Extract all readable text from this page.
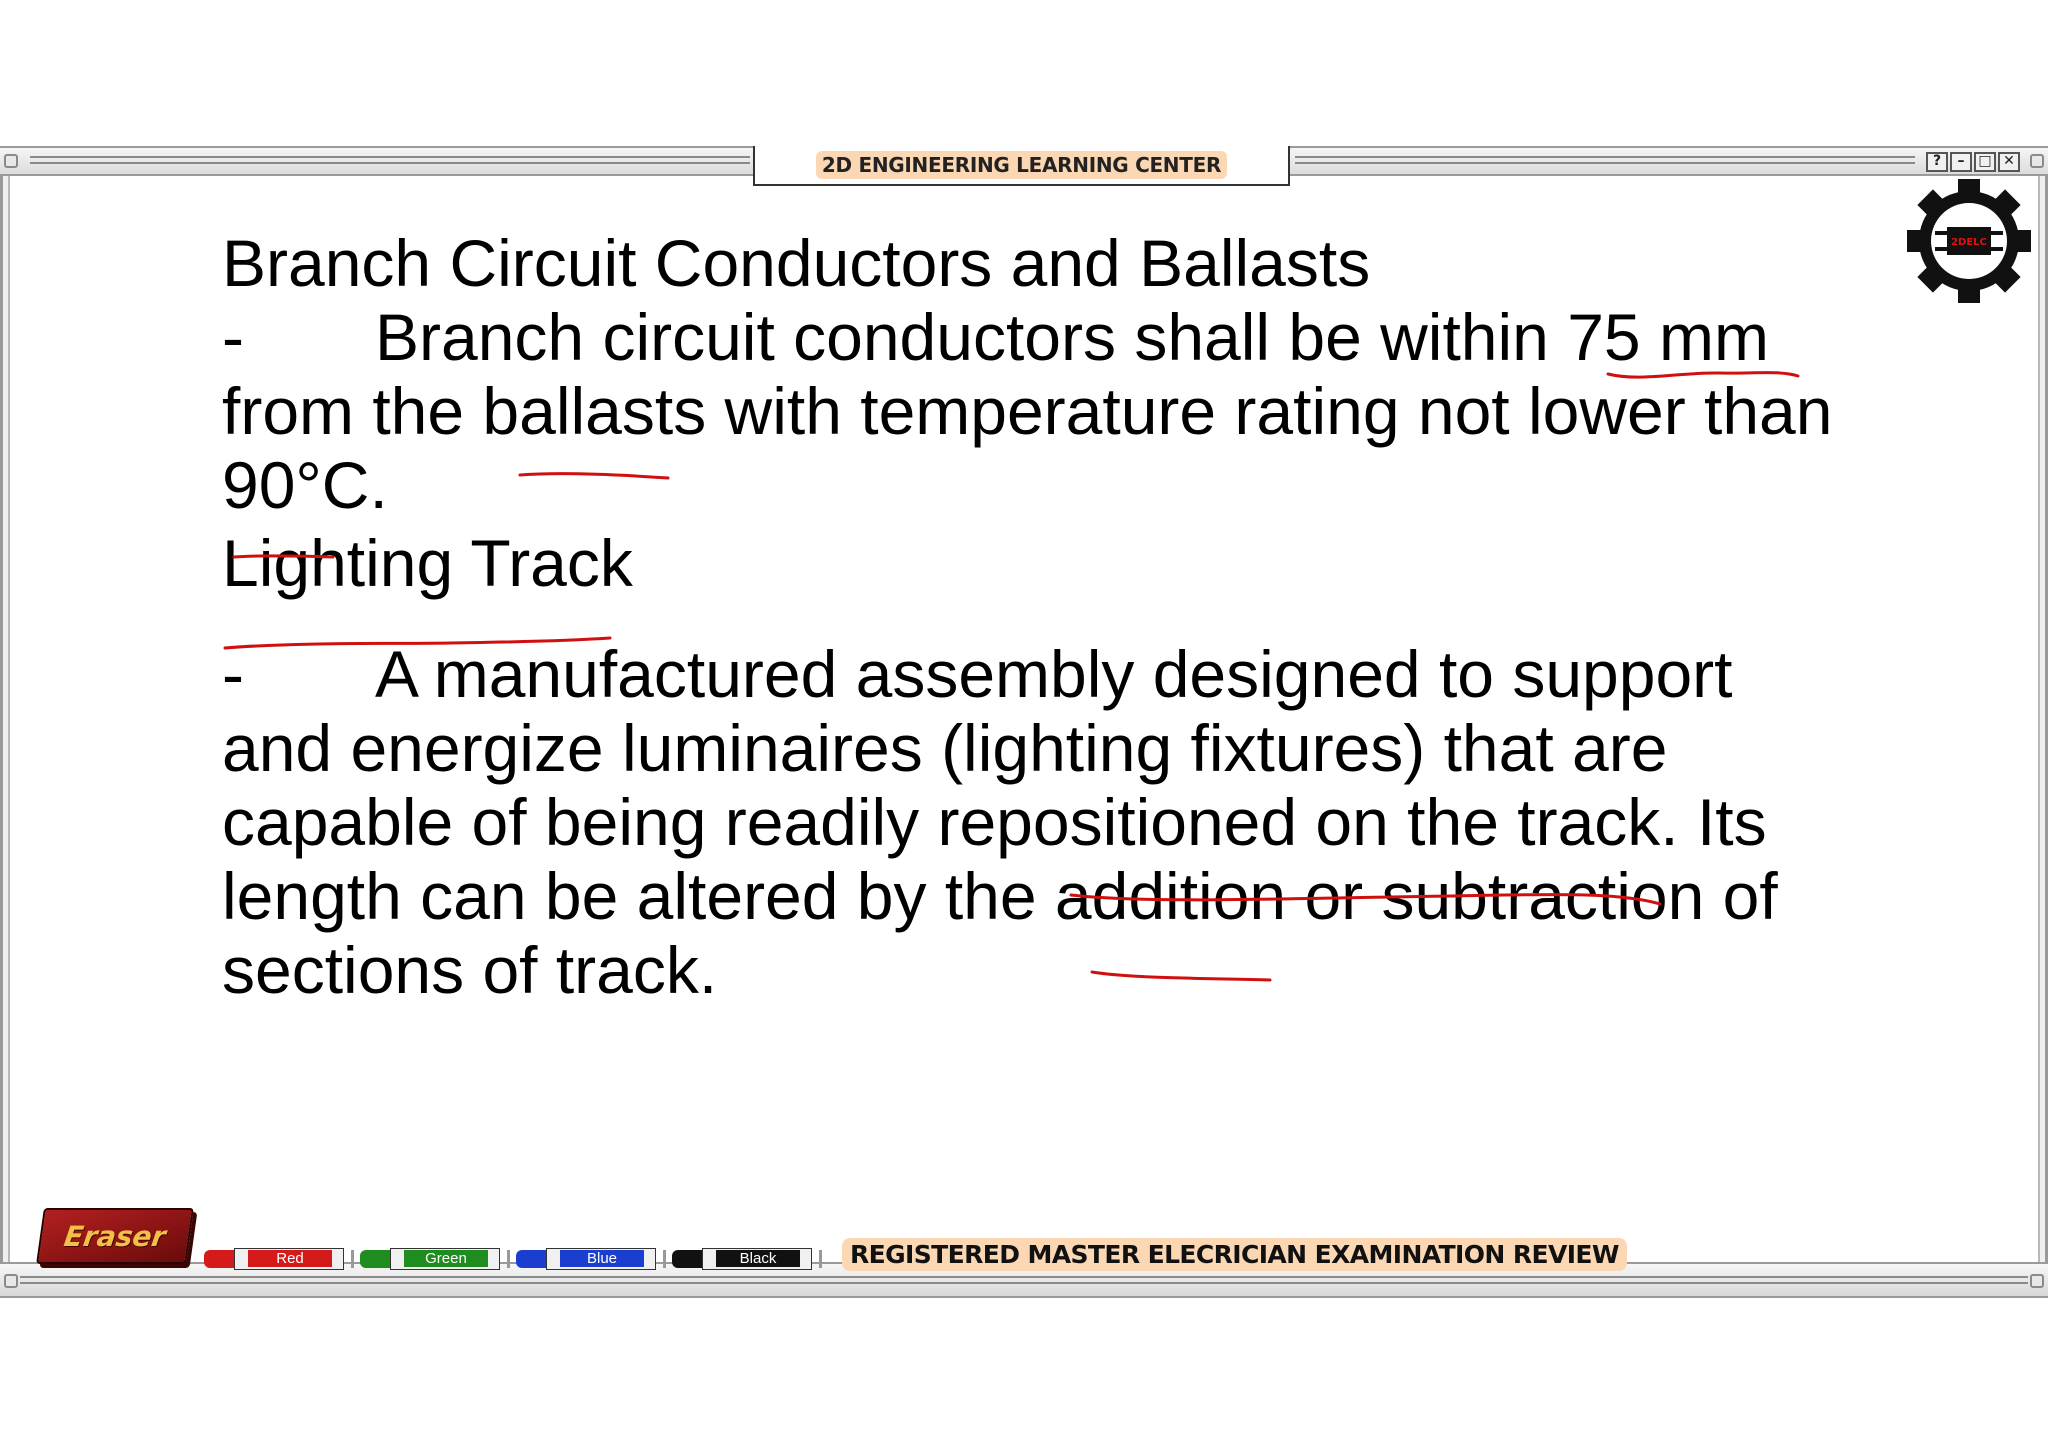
2D ENGINEERING LEARNING CENTER	?	– □ ✕
2DELC
Branch Circuit Conductors and Ballasts
- Branch circuit conductors shall be within 75 mm
from the ballasts with temperature rating not lower than
90°C.
Lighting Track
- A manufactured assembly designed to support
and energize luminaires (lighting fixtures) that are
capable of being readily repositioned on the track. Its
length can be altered by the addition or subtraction of
sections of track.
Eraser
Red	Green	Blue	Black	REGISTERED MASTER ELECRICIAN EXAMINATION REVIEW
